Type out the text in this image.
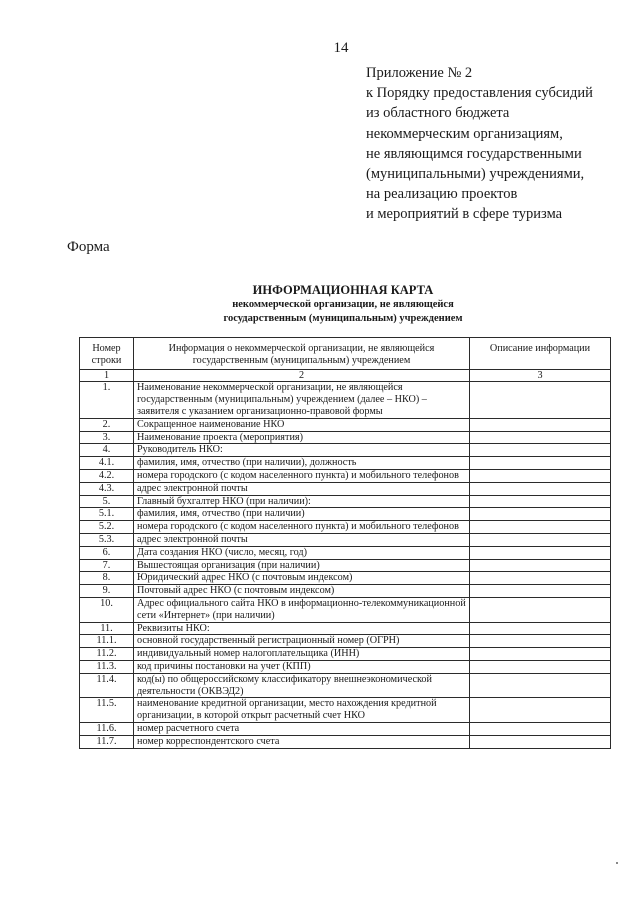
14
Приложение № 2
к Порядку предоставления субсидий
из областного бюджета
некоммерческим организациям,
не являющимся государственными
(муниципальными) учреждениями,
на реализацию проектов
и мероприятий в сфере туризма
Форма
ИНФОРМАЦИОННАЯ КАРТА
некоммерческой организации, не являющейся
государственным (муниципальным) учреждением
Номер строки	Информация о некоммерческой организации, не являющейся государственным (муниципальным) учреждением	Описание информации
1	2	3
1.	Наименование некоммерческой организации, не являющейся государственным (муниципальным) учреждением (далее – НКО) – заявителя с указанием организационно-правовой формы	
2.	Сокращенное наименование НКО	
3.	Наименование проекта (мероприятия)	
4.	Руководитель НКО:	
4.1.	фамилия, имя, отчество (при наличии), должность	
4.2.	номера городского (с кодом населенного пункта) и мобильного телефонов	
4.3.	адрес электронной почты	
5.	Главный бухгалтер НКО (при наличии):	
5.1.	фамилия, имя, отчество (при наличии)	
5.2.	номера городского (с кодом населенного пункта) и мобильного телефонов	
5.3.	адрес электронной почты	
6.	Дата создания НКО (число, месяц, год)	
7.	Вышестоящая организация (при наличии)	
8.	Юридический адрес НКО (с почтовым индексом)	
9.	Почтовый адрес НКО (с почтовым индексом)	
10.	Адрес официального сайта НКО в информационно-телекоммуникационной сети «Интернет» (при наличии)	
11.	Реквизиты НКО:	
11.1.	основной государственный регистрационный номер (ОГРН)	
11.2.	индивидуальный номер налогоплательщика (ИНН)	
11.3.	код причины постановки на учет (КПП)	
11.4.	код(ы) по общероссийскому классификатору внешнеэкономической деятельности (ОКВЭД2)	
11.5.	наименование кредитной организации, место нахождения кредитной организации, в которой открыт расчетный счет НКО	
11.6.	номер расчетного счета	
11.7.	номер корреспондентского счета	
